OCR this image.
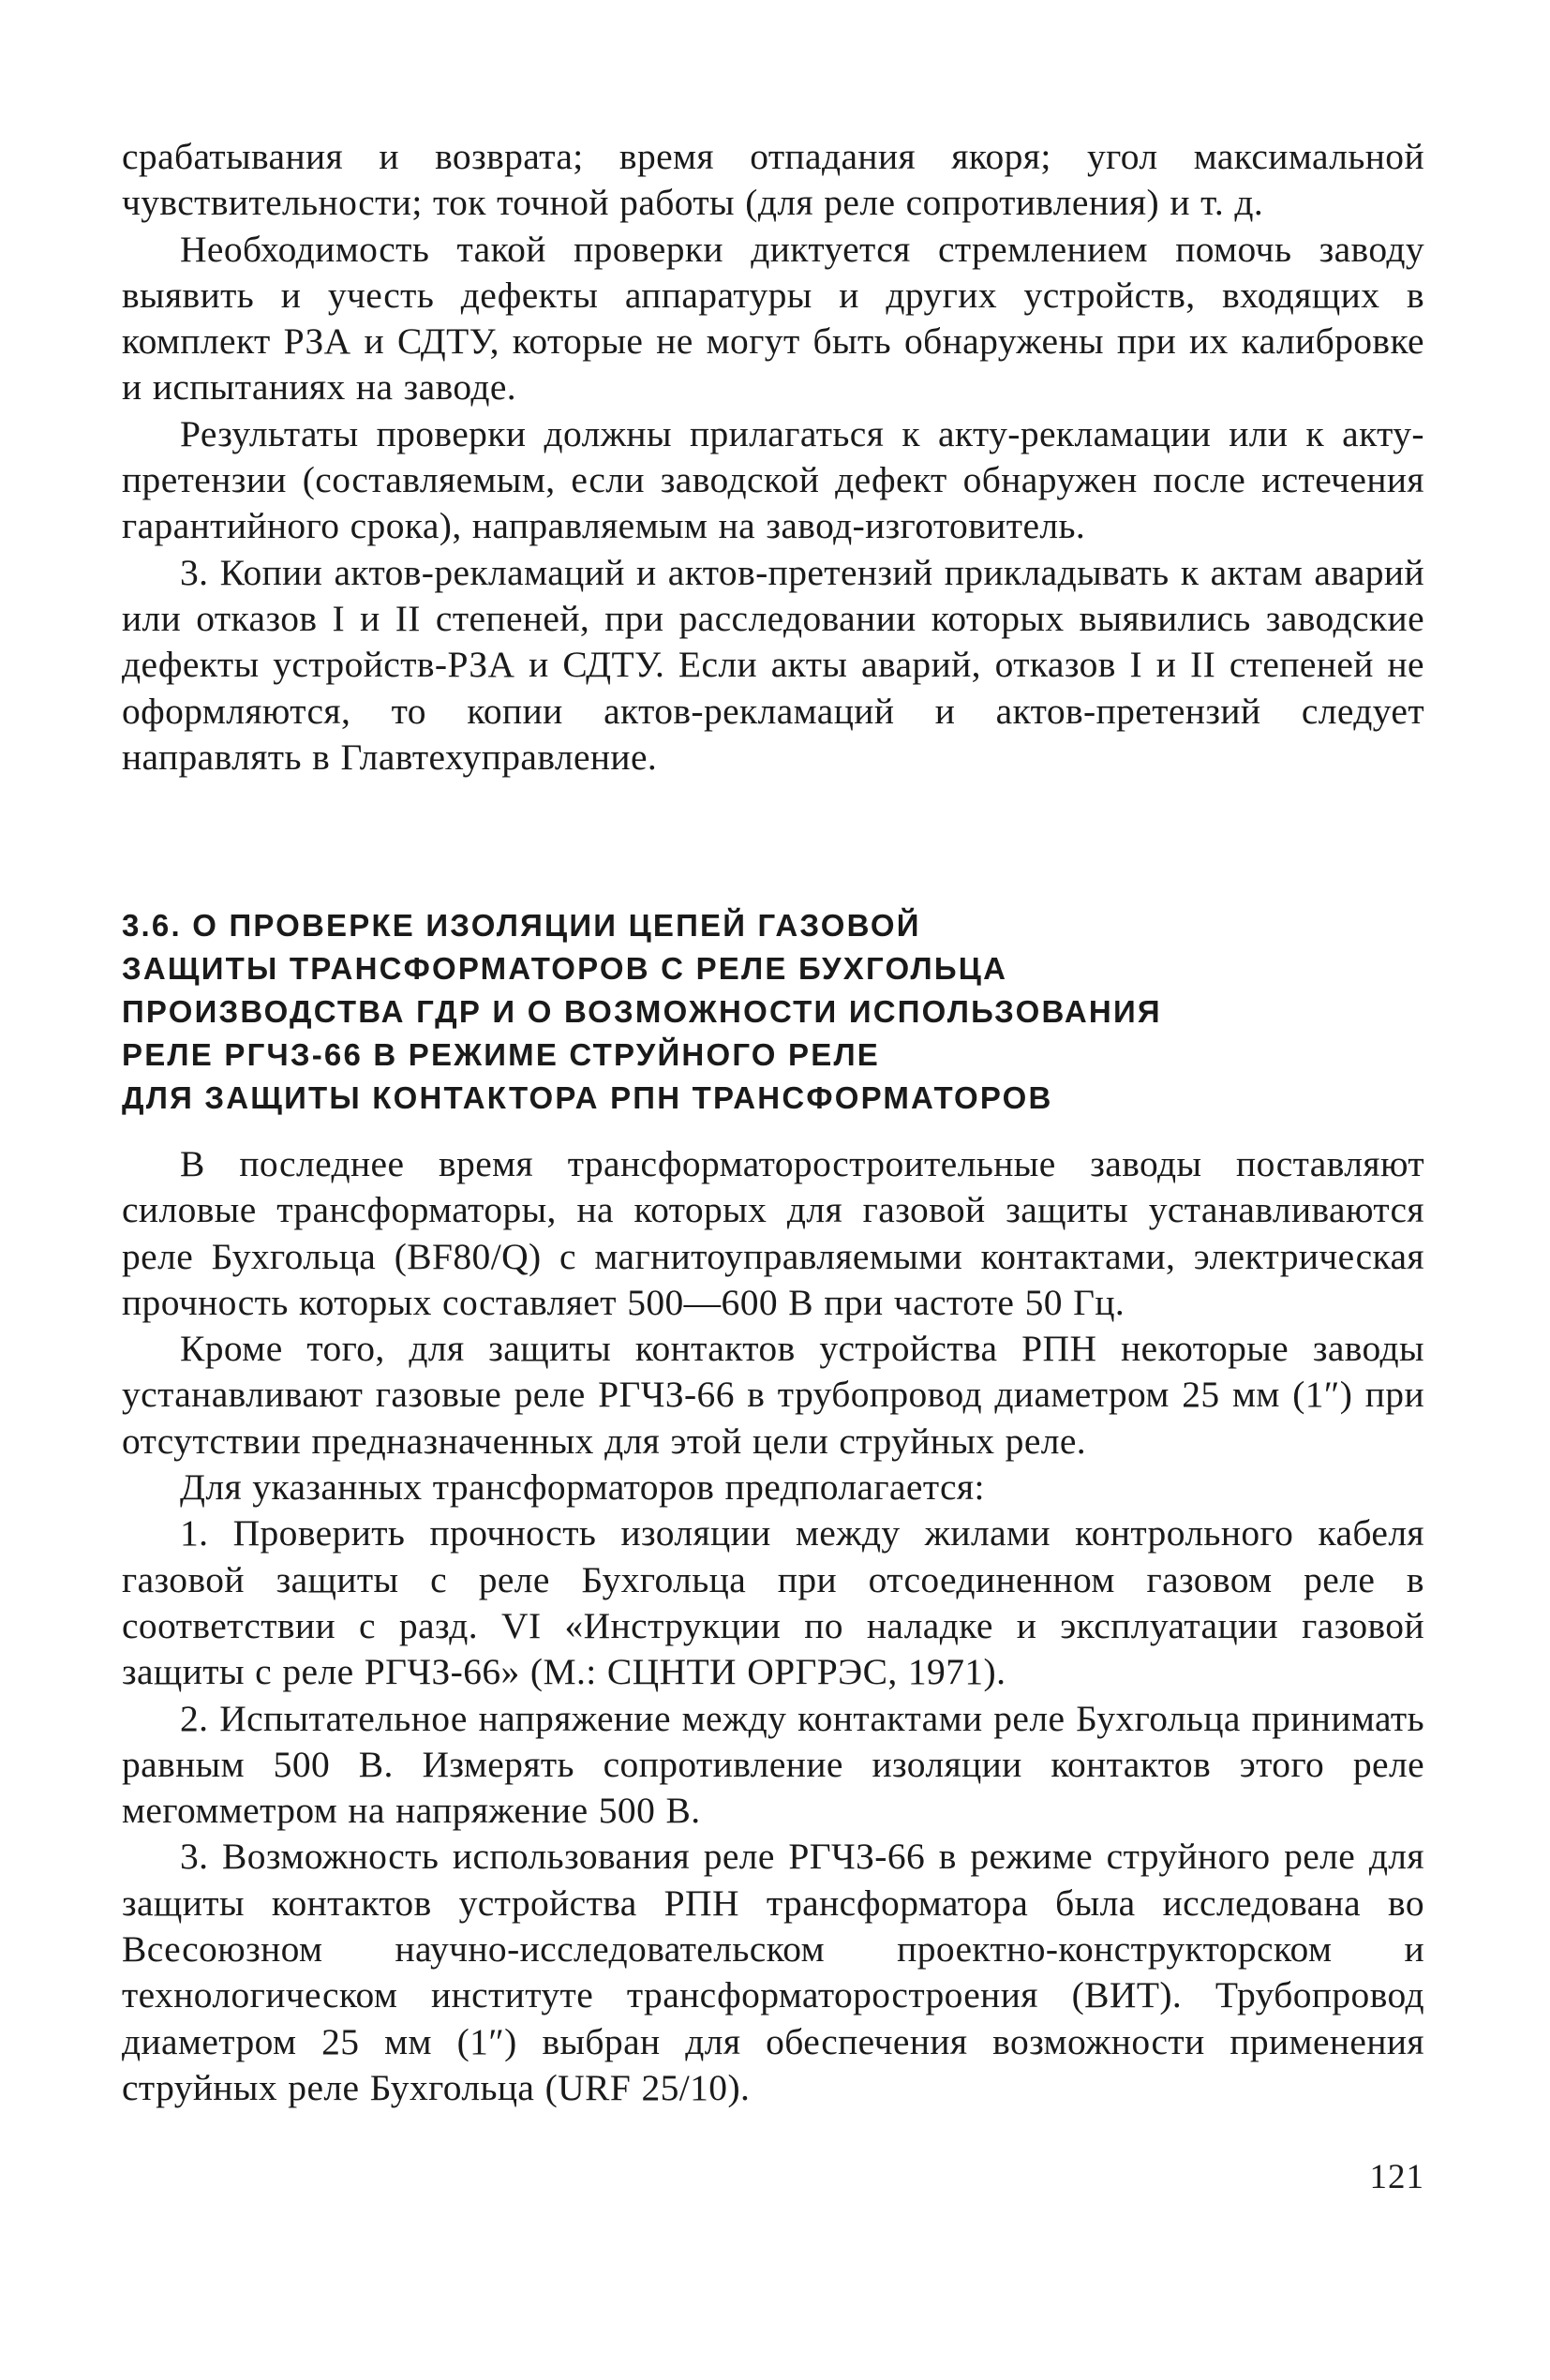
срабатывания и возврата; время отпадания якоря; угол максимальной чувствительности; ток точной работы (для реле сопротивления) и т. д.

Необходимость такой проверки диктуется стремлением помочь заводу выявить и учесть дефекты аппаратуры и других устройств, входящих в комплект РЗА и СДТУ, которые не могут быть обнаружены при их калибровке и испытаниях на заводе.

Результаты проверки должны прилагаться к акту-рекламации или к акту-претензии (составляемым, если заводской дефект обнаружен после истечения гарантийного срока), направляемым на завод-изготовитель.

3. Копии актов-рекламаций и актов-претензий прикладывать к актам аварий или отказов I и II степеней, при расследовании которых выявились заводские дефекты устройств-РЗА и СДТУ. Если акты аварий, отказов I и II степеней не оформляются, то копии актов-рекламаций и актов-претензий следует направлять в Главтехуправление.

3.6. О ПРОВЕРКЕ ИЗОЛЯЦИИ ЦЕПЕЙ ГАЗОВОЙ
ЗАЩИТЫ ТРАНСФОРМАТОРОВ С РЕЛЕ БУХГОЛЬЦА
ПРОИЗВОДСТВА ГДР И О ВОЗМОЖНОСТИ ИСПОЛЬЗОВАНИЯ
РЕЛЕ РГЧЗ-66 В РЕЖИМЕ СТРУЙНОГО РЕЛЕ
ДЛЯ ЗАЩИТЫ КОНТАКТОРА РПН ТРАНСФОРМАТОРОВ

В последнее время трансформаторостроительные заводы поставляют силовые трансформаторы, на которых для газовой защиты устанавливаются реле Бухгольца (BF80/Q) с магнитоуправляемыми контактами, электрическая прочность которых составляет 500—600 В при частоте 50 Гц.

Кроме того, для защиты контактов устройства РПН некоторые заводы устанавливают газовые реле РГЧЗ-66 в трубопровод диаметром 25 мм (1″) при отсутствии предназначенных для этой цели струйных реле.

Для указанных трансформаторов предполагается:

1. Проверить прочность изоляции между жилами контрольного кабеля газовой защиты с реле Бухгольца при отсоединенном газовом реле в соответствии с разд. VI «Инструкции по наладке и эксплуатации газовой защиты с реле РГЧЗ-66» (М.: СЦНТИ ОРГРЭС, 1971).

2. Испытательное напряжение между контактами реле Бухгольца принимать равным 500 В. Измерять сопротивление изоляции контактов этого реле мегомметром на напряжение 500 В.

3. Возможность использования реле РГЧЗ-66 в режиме струйного реле для защиты контактов устройства РПН трансформатора была исследована во Всесоюзном научно-исследовательском проектно-конструкторском и технологическом институте трансформаторостроения (ВИТ). Трубопровод диаметром 25 мм (1″) выбран для обеспечения возможности применения струйных реле Бухгольца (URF 25/10).

121
